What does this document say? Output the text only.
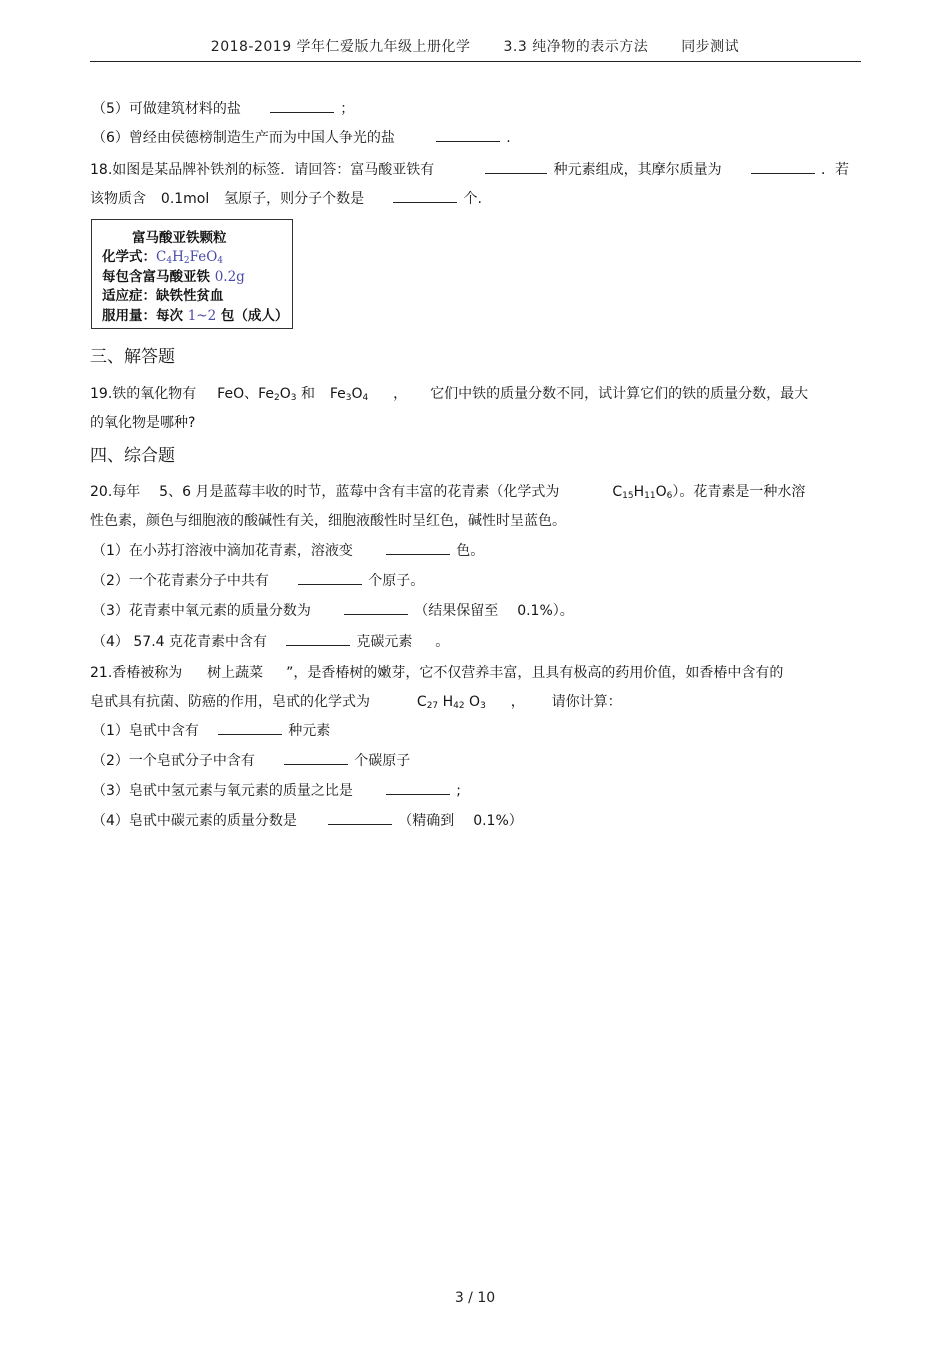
2018-2019 学年仁爱版九年级上册化学 3.3 纯净物的表示方法 同步测试
（5）可做建筑材料的盐	；
（6）曾经由侯德榜制造生产而为中国人争光的盐	.
18.如图是某品牌补铁剂的标签．请回答：富马酸亚铁有	种元素组成，其摩尔质量为	．若
该物质含 0.1mol 氢原子，则分子个数是	个.
富马酸亚铁颗粒
化学式：$C_4H_2FeO_4$
每包含富马酸亚铁 0.2g
适应症：缺铁性贫血
服用量：每次 1~2 包（成人）
三、解答题
19.铁的氧化物有 FeO、$Fe_2O_3$ 和 $Fe_3O_4$ ， 它们中铁的质量分数不同，试计算它们的铁的质量分数，最大
的氧化物是哪种?
四、综合题
20.每年 5、6 月是蓝莓丰收的时节，蓝莓中含有丰富的花青素（化学式为	$C_{15}H_{11}O_6$）。花青素是一种水溶
性色素，颜色与细胞液的酸碱性有关，细胞液酸性时呈红色，碱性时呈蓝色。
（1）在小苏打溶液中滴加花青素，溶液变	色。
（2）一个花青素分子中共有	个原子。
（3）花青素中氧元素的质量分数为	（结果保留至 0.1%）。
（4） 57.4 克花青素中含有	克碳元素 。
21.香椿被称为 树上蔬菜 ”，是香椿树的嫩芽，它不仅营养丰富，且具有极高的药用价值，如香椿中含有的
皂甙具有抗菌、防癌的作用，皂甙的化学式为	$C_{27}$ $H_{42}$ $O_3$ ， 请你计算：
（1）皂甙中含有	种元素
（2）一个皂甙分子中含有	个碳原子
（3）皂甙中氢元素与氧元素的质量之比是	;
（4）皂甙中碳元素的质量分数是	（精确到 0.1%）
3 / 10
